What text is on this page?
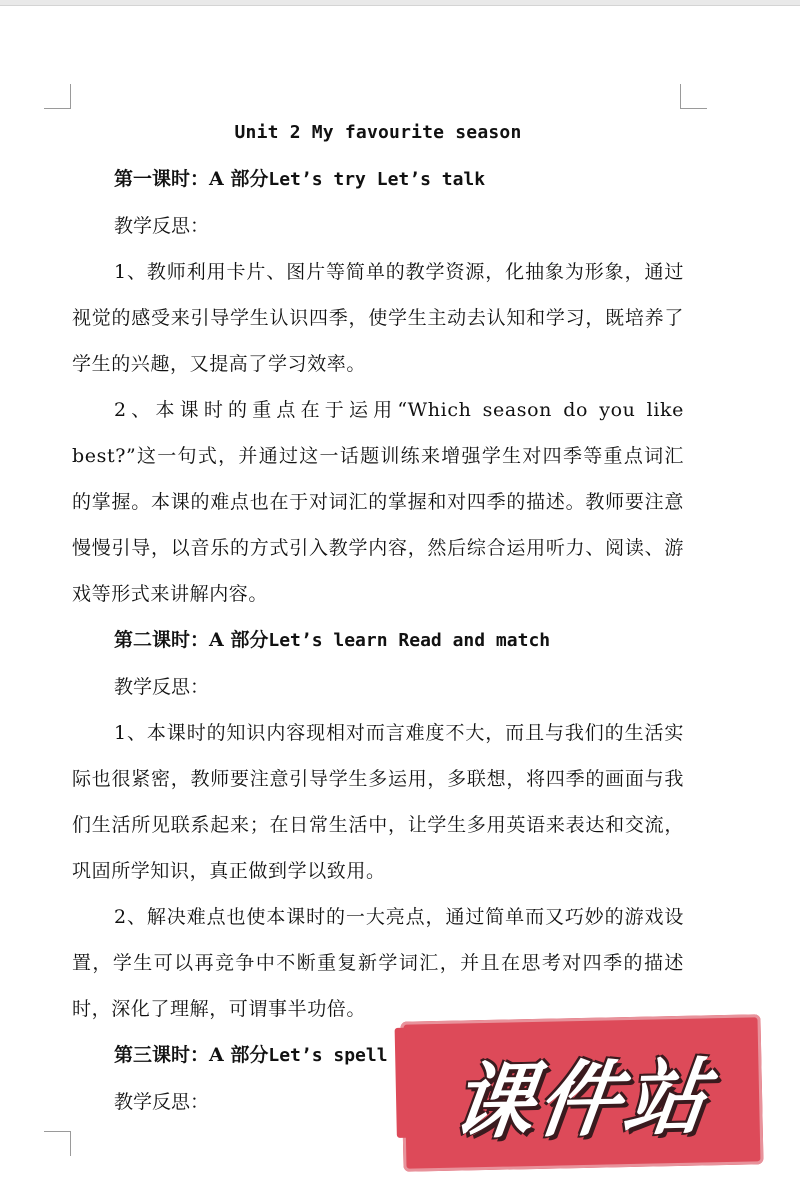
Unit 2 My favourite season

第一课时：A 部分Let’s try Let’s talk

教学反思：

1、教师利用卡片、图片等简单的教学资源，化抽象为形象，通过视觉的感受来引导学生认识四季，使学生主动去认知和学习，既培养了学生的兴趣，又提高了学习效率。

2、本课时的重点在于运用“Which season do you like best?”这一句式，并通过这一话题训练来增强学生对四季等重点词汇的掌握。本课的难点也在于对词汇的掌握和对四季的描述。教师要注意慢慢引导，以音乐的方式引入教学内容，然后综合运用听力、阅读、游戏等形式来讲解内容。

第二课时：A 部分Let’s learn Read and match

教学反思：

1、本课时的知识内容现相对而言难度不大，而且与我们的生活实际也很紧密，教师要注意引导学生多运用，多联想，将四季的画面与我们生活所见联系起来；在日常生活中，让学生多用英语来表达和交流，巩固所学知识，真正做到学以致用。

2、解决难点也使本课时的一大亮点，通过简单而又巧妙的游戏设置，学生可以再竞争中不断重复新学词汇，并且在思考对四季的描述时，深化了理解，可谓事半功倍。

第三课时：A 部分Let’s spell

教学反思：	课件站
